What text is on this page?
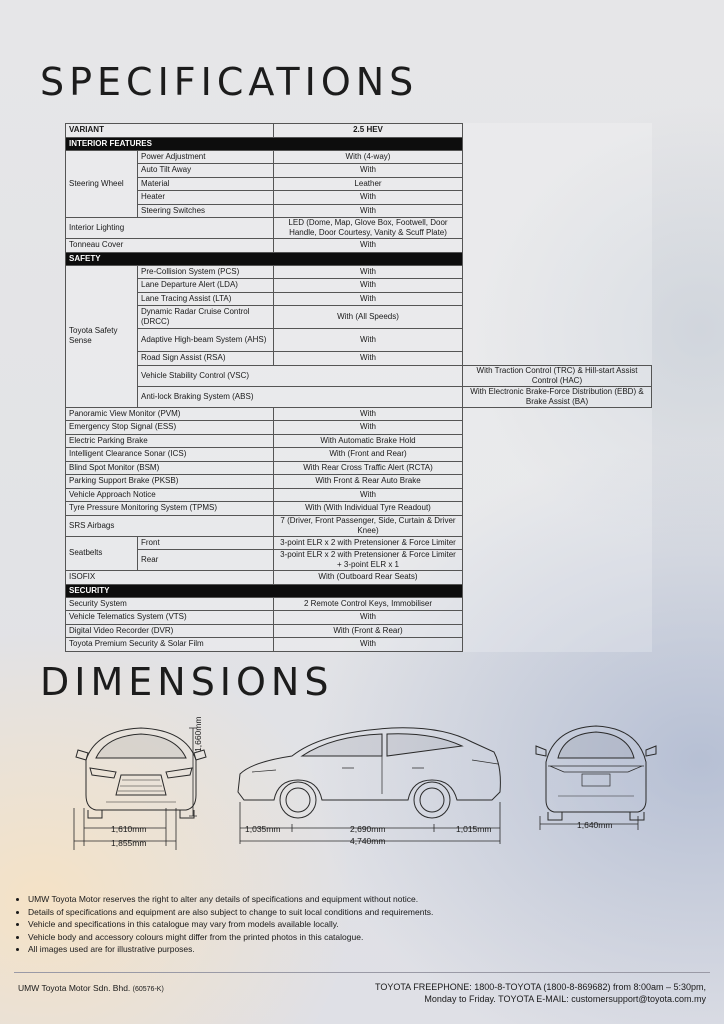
SPECIFICATIONS
VARIANT		2.5 HEV	
INTERIOR FEATURES			
Steering Wheel	Power Adjustment	With (4-way)	
	Auto Tilt Away	With	
	Material	Leather	
	Heater	With	
	Steering Switches	With	
Interior Lighting		LED (Dome, Map, Glove Box, Footwell, Door Handle, Door Courtesy, Vanity & Scuff Plate)	
Tonneau Cover		With	
SAFETY			
Toyota Safety Sense	Pre-Collision System (PCS)	With	
	Lane Departure Alert (LDA)	With	
	Lane Tracing Assist (LTA)	With	
	Dynamic Radar Cruise Control (DRCC)	With (All Speeds)	
	Adaptive High-beam System (AHS)	With	
	Road Sign Assist (RSA)	With	
	Vehicle Stability Control (VSC)		With Traction Control (TRC) & Hill-start Assist Control (HAC)
	Anti-lock Braking System (ABS)		With Electronic Brake-Force Distribution (EBD) & Brake Assist (BA)
Panoramic View Monitor (PVM)		With	
Emergency Stop Signal (ESS)		With	
Electric Parking Brake		With Automatic Brake Hold	
Intelligent Clearance Sonar (ICS)		With (Front and Rear)	
Blind Spot Monitor (BSM)		With Rear Cross Traffic Alert (RCTA)	
Parking Support Brake (PKSB)		With Front & Rear Auto Brake	
Vehicle Approach Notice		With	
Tyre Pressure Monitoring System (TPMS)		With (With Individual Tyre Readout)	
SRS Airbags		7 (Driver, Front Passenger, Side, Curtain & Driver Knee)	
Seatbelts	Front	3-point ELR x 2 with Pretensioner & Force Limiter	
	Rear	3-point ELR x 2 with Pretensioner & Force Limiter + 3-point ELR x 1	
ISOFIX		With (Outboard Rear Seats)	
SECURITY			
Security System		2 Remote Control Keys, Immobiliser	
Vehicle Telematics System (VTS)		With	
Digital Video Recorder (DVR)		With (Front & Rear)	
Toyota Premium Security & Solar Film		With	
DIMENSIONS
1,660mm
1,610mm
1,855mm
1,035mm	2,690mm	1,015mm
4,740mm
1,640mm
• UMW Toyota Motor reserves the right to alter any details of specifications and equipment without notice.
• Details of specifications and equipment are also subject to change to suit local conditions and requirements.
• Vehicle and specifications in this catalogue may vary from models available locally.
• Vehicle body and accessory colours might differ from the printed photos in this catalogue.
• All images used are for illustrative purposes.
UMW Toyota Motor Sdn. Bhd. (60576-K)	TOYOTA FREEPHONE: 1800-8-TOYOTA (1800-8-869682) from 8:00am – 5:30pm,
Monday to Friday. TOYOTA E-MAIL: customersupport@toyota.com.my
